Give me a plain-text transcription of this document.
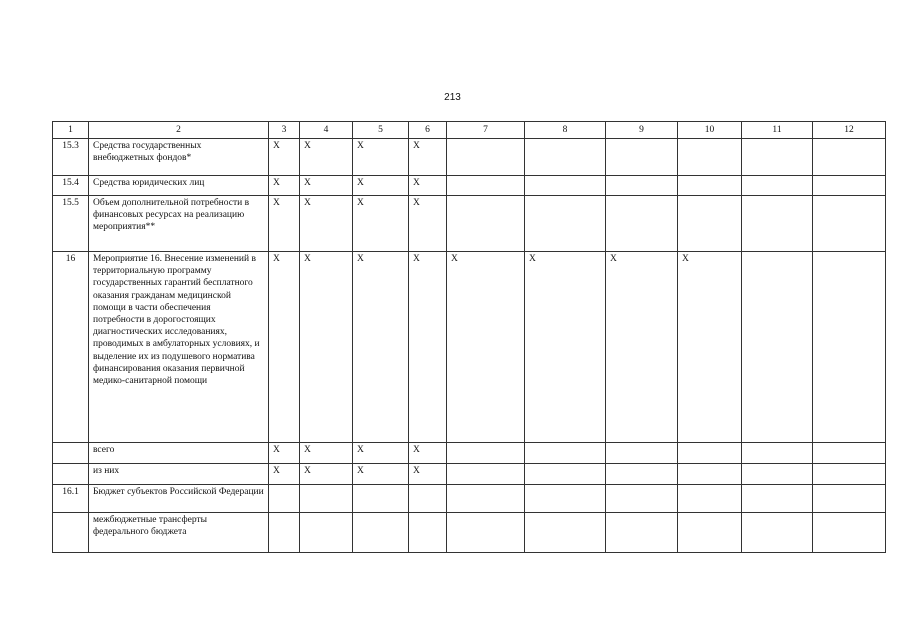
213
1	2	3	4	5	6	7	8	9	10	11	12
15.3	Средства государственных внебюджетных фондов*	X	X	X	X						
15.4	Средства юридических лиц	X	X	X	X						
15.5	Объем дополнительной потребности в финансовых ресурсах на реализацию мероприятия**	X	X	X	X						
16	Мероприятие 16. Внесение изменений в территориальную программу государственных гарантий бесплатного оказания гражданам медицинской помощи в части обеспечения потребности в дорогостоящих диагностических исследованиях, проводимых в амбулаторных условиях, и выделение их из подушевого норматива финансирования оказания первичной медико-санитарной помощи	X	X	X	X	X	X	X	X		
	всего	X	X	X	X						
	из них	X	X	X	X						
16.1	Бюджет субъектов Российской Федерации										
	межбюджетные трансферты федерального бюджета										
